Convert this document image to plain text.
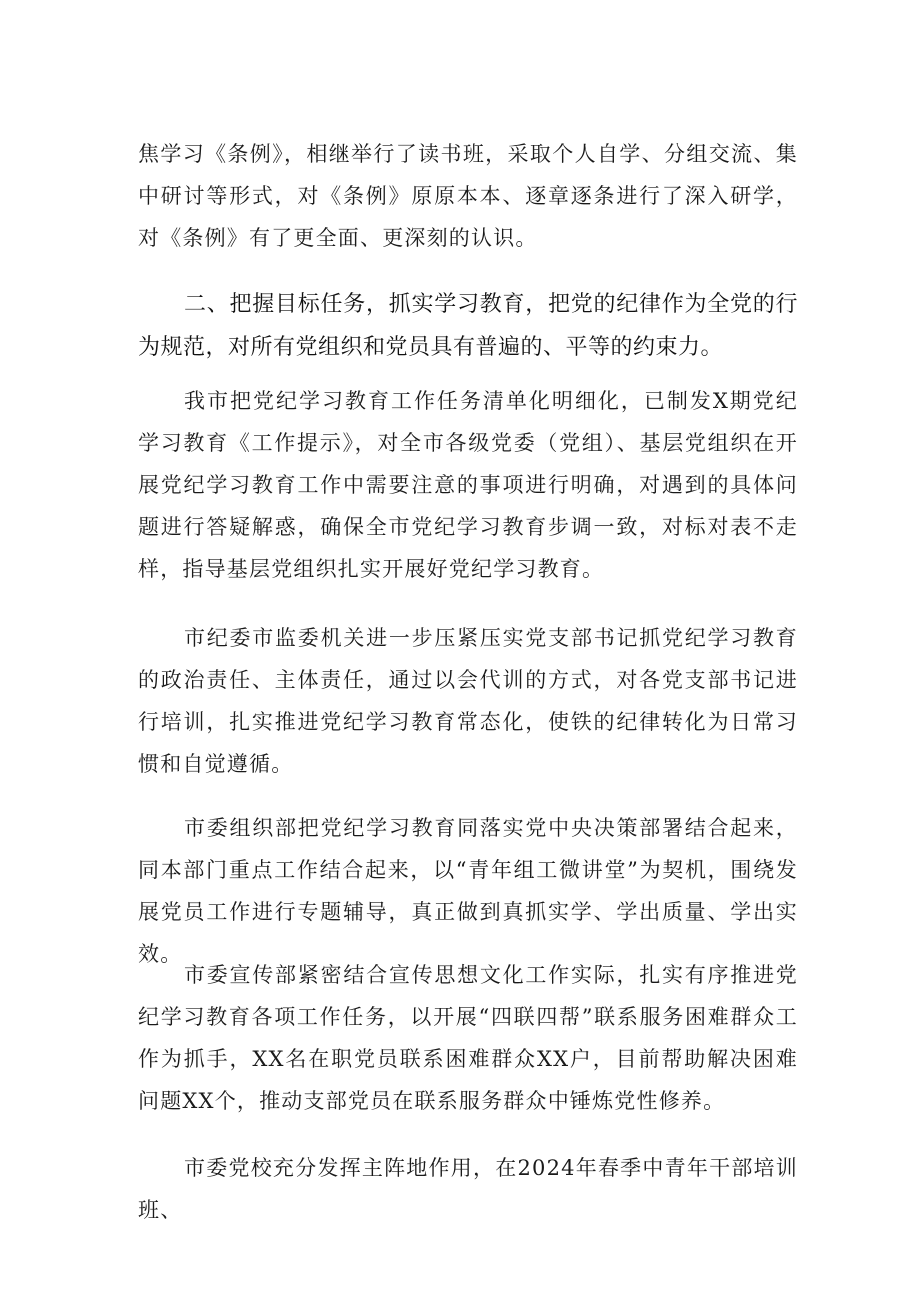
焦学习《条例》，相继举行了读书班，采取个人自学、分组交流、集中研讨等形式，对《条例》原原本本、逐章逐条进行了深入研学，对《条例》有了更全面、更深刻的认识。

二、把握目标任务，抓实学习教育，把党的纪律作为全党的行为规范，对所有党组织和党员具有普遍的、平等的约束力。

我市把党纪学习教育工作任务清单化明细化，已制发X期党纪学习教育《工作提示》，对全市各级党委（党组）、基层党组织在开展党纪学习教育工作中需要注意的事项进行明确，对遇到的具体问题进行答疑解惑，确保全市党纪学习教育步调一致，对标对表不走样，指导基层党组织扎实开展好党纪学习教育。

市纪委市监委机关进一步压紧压实党支部书记抓党纪学习教育的政治责任、主体责任，通过以会代训的方式，对各党支部书记进行培训，扎实推进党纪学习教育常态化，使铁的纪律转化为日常习惯和自觉遵循。

市委组织部把党纪学习教育同落实党中央决策部署结合起来，同本部门重点工作结合起来，以“青年组工微讲堂”为契机，围绕发展党员工作进行专题辅导，真正做到真抓实学、学出质量、学出实效。

市委宣传部紧密结合宣传思想文化工作实际，扎实有序推进党纪学习教育各项工作任务，以开展“四联四帮”联系服务困难群众工作为抓手，XX名在职党员联系困难群众XX户，目前帮助解决困难问题XX个，推动支部党员在联系服务群众中锤炼党性修养。

市委党校充分发挥主阵地作用，在2024年春季中青年干部培训班、
